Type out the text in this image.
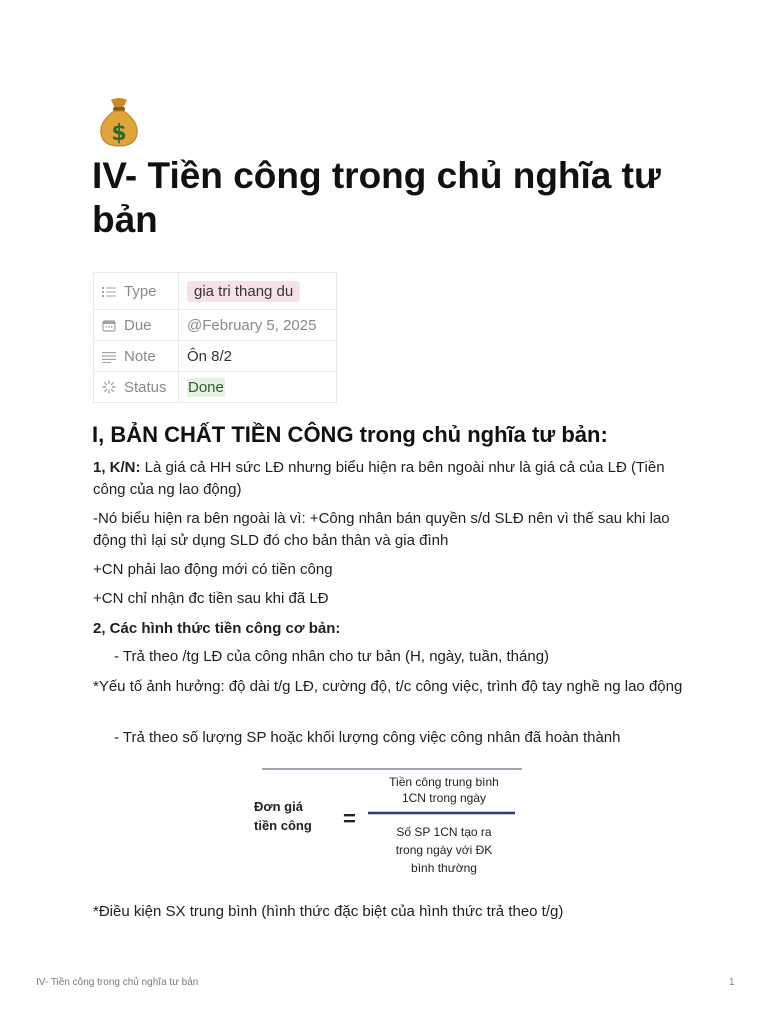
$
IV- Tiền công trong chủ nghĩa tư bản
Type	gia tri thang du
Due	@February 5, 2025
Note	Ôn 8/2
Status	Done
I, BẢN CHẤT TIỀN CÔNG trong chủ nghĩa tư bản:

1, K/N: Là giá cả HH sức LĐ nhưng biểu hiện ra bên ngoài như là giá cả của LĐ (Tiền công của ng lao động)

-Nó biểu hiện ra bên ngoài là vì: +Công nhân bán quyền s/d SLĐ nên vì thế sau khi lao động thì lại sử dụng SLD đó cho bản thân và gia đình

+CN phải lao động mới có tiền công

+CN chỉ nhận đc tiền sau khi đã LĐ

2, Các hình thức tiền công cơ bản:

- Trả theo /tg LĐ của công nhân cho tư bản (H, ngày, tuần, tháng)

*Yếu tố ảnh hưởng: độ dài t/g LĐ, cường độ, t/c công việc, trình độ tay nghề ng lao động

- Trả theo số lượng SP hoặc khối lượng công việc công nhân đã hoàn thành

Đơn giá
tiền công =
Tiền công trung bình
1CN trong ngày
Số SP 1CN tạo ra
trong ngày với ĐK
bình thường

*Điều kiện SX trung bình (hình thức đặc biệt của hình thức trả theo t/g)

IV- Tiền công trong chủ nghĩa tư bản	1
